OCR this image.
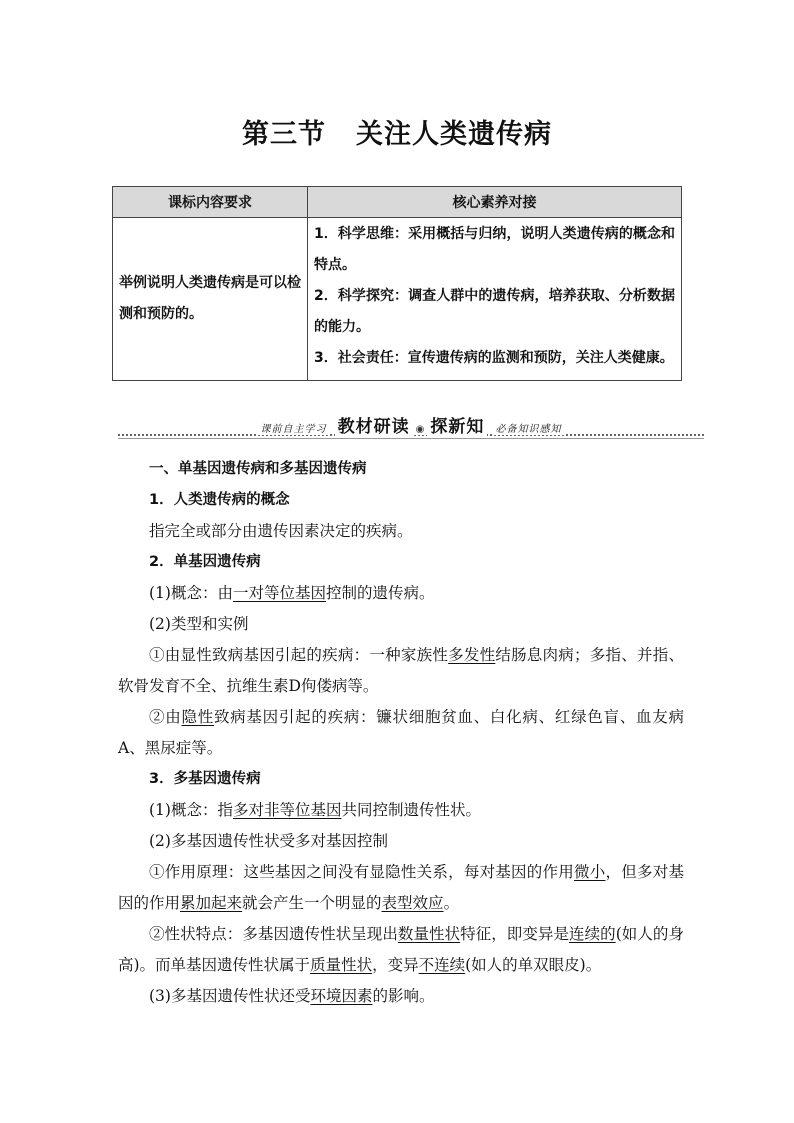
第三节 关注人类遗传病
课标内容要求	核心素养对接
举例说明人类遗传病是可以检测和预防的。	1．科学思维：采用概括与归纳，说明人类遗传病的概念和特点。
2．科学探究：调查人群中的遗传病，培养获取、分析数据的能力。
3．社会责任：宣传遗传病的监测和预防，关注人类健康。
课前自主学习 教材研读 ◉ 探新知 必备知识感知

一、单基因遗传病和多基因遗传病

1．人类遗传病的概念

指完全或部分由遗传因素决定的疾病。

2．单基因遗传病

(1)概念：由一对等位基因控制的遗传病。

(2)类型和实例

①由显性致病基因引起的疾病：一种家族性多发性结肠息肉病；多指、并指、软骨发育不全、抗维生素D佝偻病等。

②由隐性致病基因引起的疾病：镰状细胞贫血、白化病、红绿色盲、血友病A、黑尿症等。

3．多基因遗传病

(1)概念：指多对非等位基因共同控制遗传性状。

(2)多基因遗传性状受多对基因控制

①作用原理：这些基因之间没有显隐性关系，每对基因的作用微小，但多对基因的作用累加起来就会产生一个明显的表型效应。

②性状特点：多基因遗传性状呈现出数量性状特征，即变异是连续的(如人的身高)。而单基因遗传性状属于质量性状，变异不连续(如人的单双眼皮)。

(3)多基因遗传性状还受环境因素的影响。
